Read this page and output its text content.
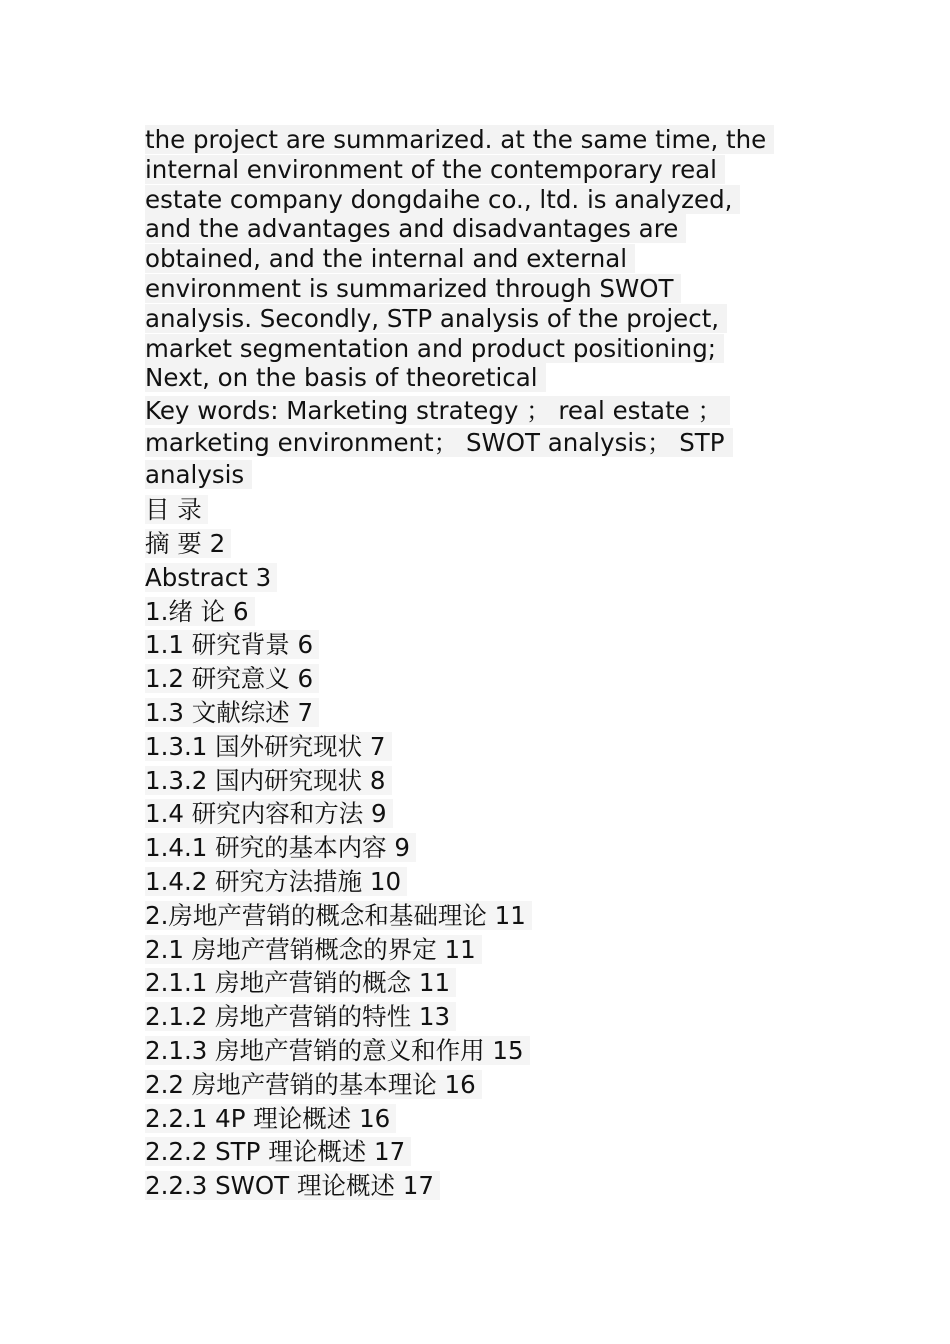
the project are summarized. at the same time, the
internal environment of the contemporary real
estate company dongdaihe co., ltd. is analyzed,
and the advantages and disadvantages are
obtained, and the internal and external
environment is summarized through SWOT
analysis. Secondly, STP analysis of the project,
market segmentation and product positioning;
Next, on the basis of theoretical
Key words: Marketing strategy ； real estate ；
marketing environment； SWOT analysis； STP
analysis
目 录
摘 要 2
Abstract 3
1.绪 论 6
1.1 研究背景 6
1.2 研究意义 6
1.3 文献综述 7
1.3.1 国外研究现状 7
1.3.2 国内研究现状 8
1.4 研究内容和方法 9
1.4.1 研究的基本内容 9
1.4.2 研究方法措施 10
2.房地产营销的概念和基础理论 11
2.1 房地产营销概念的界定 11
2.1.1 房地产营销的概念 11
2.1.2 房地产营销的特性 13
2.1.3 房地产营销的意义和作用 15
2.2 房地产营销的基本理论 16
2.2.1 4P 理论概述 16
2.2.2 STP 理论概述 17
2.2.3 SWOT 理论概述 17
